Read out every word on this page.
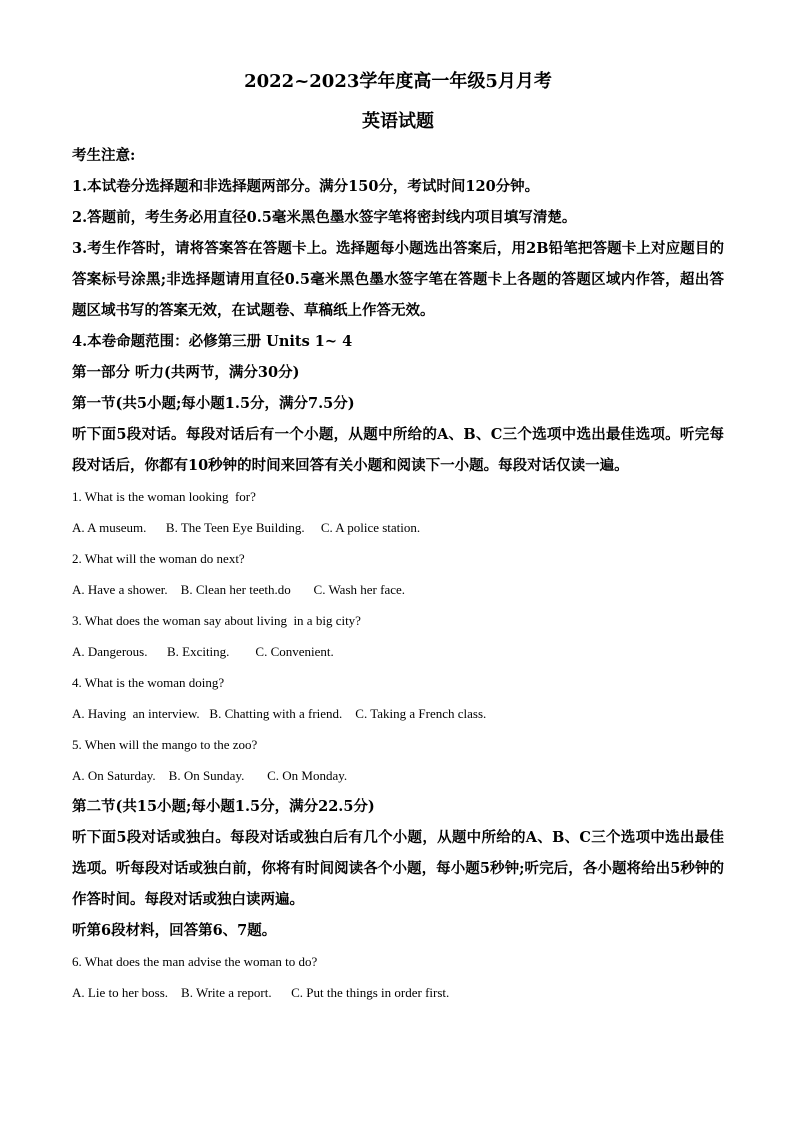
2022~2023学年度高一年级5月月考
英语试题

考生注意:

1.本试卷分选择题和非选择题两部分。满分150分，考试时间120分钟。

2.答题前，考生务必用直径0.5毫米黑色墨水签字笔将密封线内项目填写清楚。

3.考生作答时，请将答案答在答题卡上。选择题每小题选出答案后，用2B铅笔把答题卡上对应题目的答案标号涂黑;非选择题请用直径0.5毫米黑色墨水签字笔在答题卡上各题的答题区域内作答，超出答题区域书写的答案无效，在试题卷、草稿纸上作答无效。

4.本卷命题范围：必修第三册 Units 1~ 4

第一部分 听力(共两节，满分30分)

第一节(共5小题;每小题1.5分，满分7.5分)

听下面5段对话。每段对话后有一个小题，从题中所给的A、B、C三个选项中选出最佳选项。听完每段对话后，你都有10秒钟的时间来回答有关小题和阅读下一小题。每段对话仅读一遍。

1. What is the woman looking  for?

A. A museum.      B. The Teen Eye Building.     C. A police station.

2. What will the woman do next?

A. Have a shower.    B. Clean her teeth.do       C. Wash her face.

3. What does the woman say about living  in a big city?

A. Dangerous.      B. Exciting.        C. Convenient.

4. What is the woman doing?

A. Having  an interview.   B. Chatting with a friend.    C. Taking a French class.

5. When will the mango to the zoo?

A. On Saturday.    B. On Sunday.       C. On Monday.

第二节(共15小题;每小题1.5分，满分22.5分)

听下面5段对话或独白。每段对话或独白后有几个小题，从题中所给的A、B、C三个选项中选出最佳选项。听每段对话或独白前，你将有时间阅读各个小题，每小题5秒钟;听完后，各小题将给出5秒钟的作答时间。每段对话或独白读两遍。

听第6段材料，回答第6、7题。

6. What does the man advise the woman to do?

A. Lie to her boss.    B. Write a report.      C. Put the things in order first.
